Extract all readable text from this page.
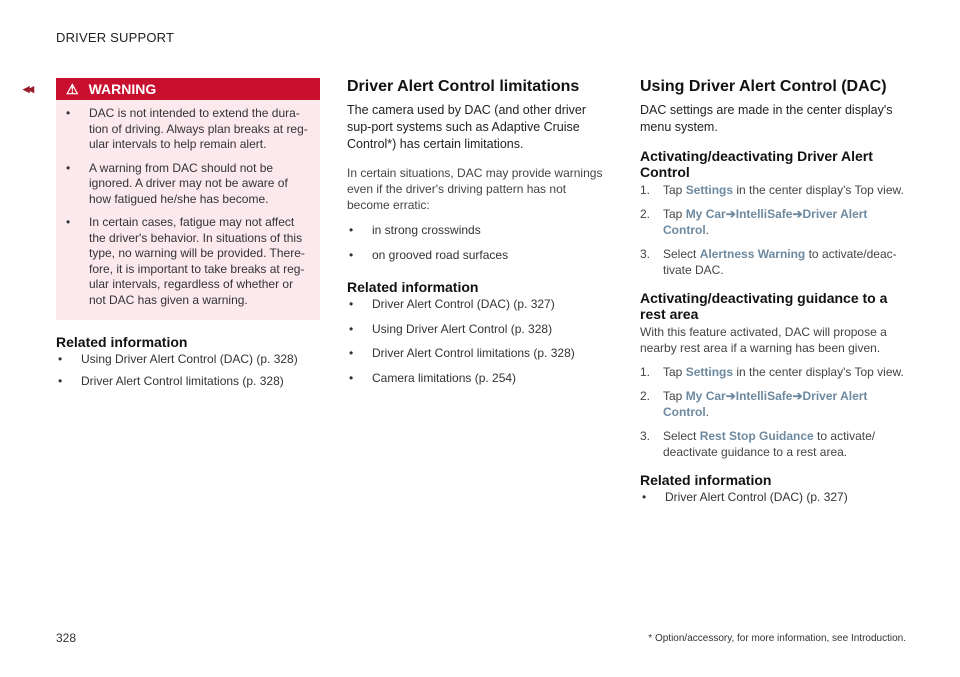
DRIVER SUPPORT
◂◂ ⚠ WARNING
•	DAC is not intended to extend the dura-tion of driving. Always plan breaks at reg-ular intervals to help remain alert.
•	A warning from DAC should not be ignored. A driver may not be aware of how fatigued he/she has become.
•	In certain cases, fatigue may not affect the driver's behavior. In situations of this type, no warning will be provided. There-fore, it is important to take breaks at reg-ular intervals, regardless of whether or not DAC has given a warning.
Related information
•	Using Driver Alert Control (DAC) (p. 328)
•	Driver Alert Control limitations (p. 328)
Driver Alert Control limitations

The camera used by DAC (and other driver sup-port systems such as Adaptive Cruise Control*) has certain limitations.

In certain situations, DAC may provide warnings even if the driver's driving pattern has not become erratic:

•	in strong crosswinds
•	on grooved road surfaces
Related information
•	Driver Alert Control (DAC) (p. 327)
•	Using Driver Alert Control (p. 328)
•	Driver Alert Control limitations (p. 328)
•	Camera limitations (p. 254)
Using Driver Alert Control (DAC)

DAC settings are made in the center display's menu system.

Activating/deactivating Driver Alert Control
1.	Tap Settings in the center display's Top view.
2.	Tap My Car➔IntelliSafe➔Driver Alert Control.
3.	Select Alertness Warning to activate/deac-tivate DAC.
Activating/deactivating guidance to a rest area

With this feature activated, DAC will propose a nearby rest area if a warning has been given.

1.	Tap Settings in the center display's Top view.
2.	Tap My Car➔IntelliSafe➔Driver Alert Control.
3.	Select Rest Stop Guidance to activate/ deactivate guidance to a rest area.
Related information
•	Driver Alert Control (DAC) (p. 327)
328	* Option/accessory, for more information, see Introduction.
